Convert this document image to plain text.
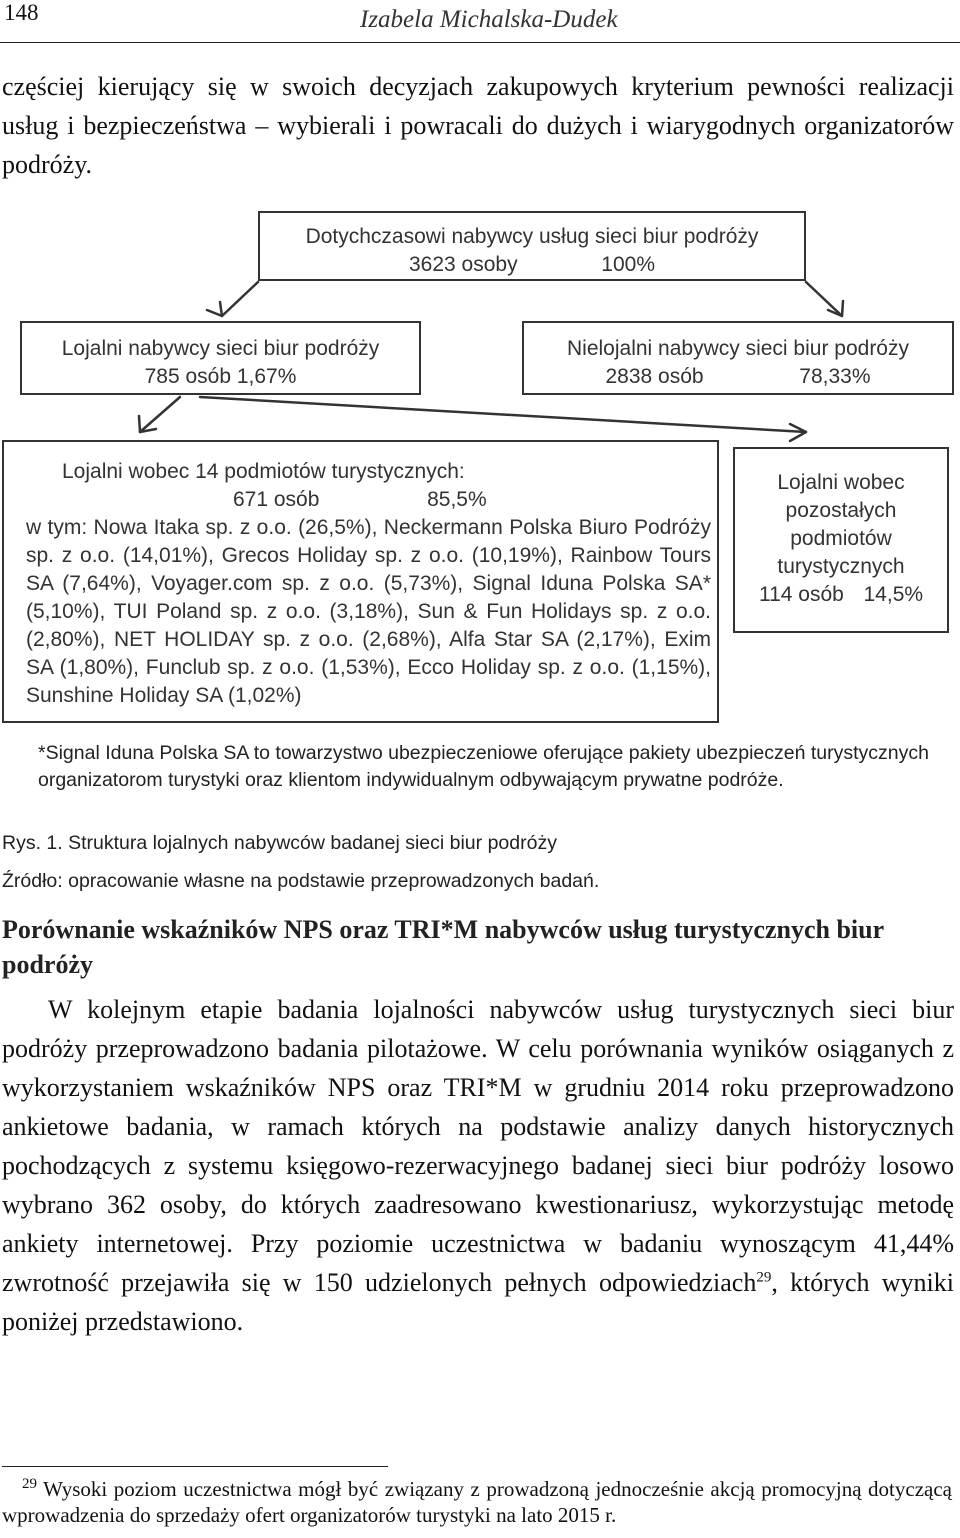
148	Izabela Michalska-Dudek
częściej kierujący się w swoich decyzjach zakupowych kryterium pewności realizacji usług i bezpieczeństwa – wybierali i powracali do dużych i wiarygodnych organizatorów podróży.
Dotychczasowi nabywcy usług sieci biur podróży
3623 osoby	100%
Lojalni nabywcy sieci biur podróży
785 osób 1,67%
Nielojalni nabywcy sieci biur podróży
2838 osób	78,33%
Lojalni wobec 14 podmiotów turystycznych:
671 osób	85,5%
w tym: Nowa Itaka sp. z o.o. (26,5%), Neckermann Polska Biuro Podróży sp. z o.o. (14,01%), Grecos Holiday sp. z o.o. (10,19%), Rainbow Tours SA (7,64%), Voyager.com sp. z o.o. (5,73%), Signal Iduna Polska SA* (5,10%), TUI Poland sp. z o.o. (3,18%), Sun & Fun Holidays sp. z o.o. (2,80%), NET HOLIDAY sp. z o.o. (2,68%), Alfa Star SA (2,17%), Exim SA (1,80%), Funclub sp. z o.o. (1,53%), Ecco Holiday sp. z o.o. (1,15%), Sunshine Holiday SA (1,02%)
Lojalni wobec pozostałych podmiotów turystycznych
114 osób 14,5%
*Signal Iduna Polska SA to towarzystwo ubezpieczeniowe oferujące pakiety ubezpieczeń turystycznych organizatorom turystyki oraz klientom indywidualnym odbywającym prywatne podróże.
Rys. 1. Struktura lojalnych nabywców badanej sieci biur podróży
Źródło: opracowanie własne na podstawie przeprowadzonych badań.
Porównanie wskaźników NPS oraz TRI*M nabywców usług turystycznych biur podróży
W kolejnym etapie badania lojalności nabywców usług turystycznych sieci biur podróży przeprowadzono badania pilotażowe. W celu porównania wyników osiąganych z wykorzystaniem wskaźników NPS oraz TRI*M w grudniu 2014 roku przeprowadzono ankietowe badania, w ramach których na podstawie analizy danych historycznych pochodzących z systemu księgowo-rezerwacyjnego badanej sieci biur podróży losowo wybrano 362 osoby, do których zaadresowano kwestionariusz, wykorzystując metodę ankiety internetowej. Przy poziomie uczestnictwa w badaniu wynoszącym 41,44% zwrotność przejawiła się w 150 udzielonych pełnych odpowiedziach$^{29}$, których wyniki poniżej przedstawiono.
$^{29}$ Wysoki poziom uczestnictwa mógł być związany z prowadzoną jednocześnie akcją promocyjną dotyczącą wprowadzenia do sprzedaży ofert organizatorów turystyki na lato 2015 r.
